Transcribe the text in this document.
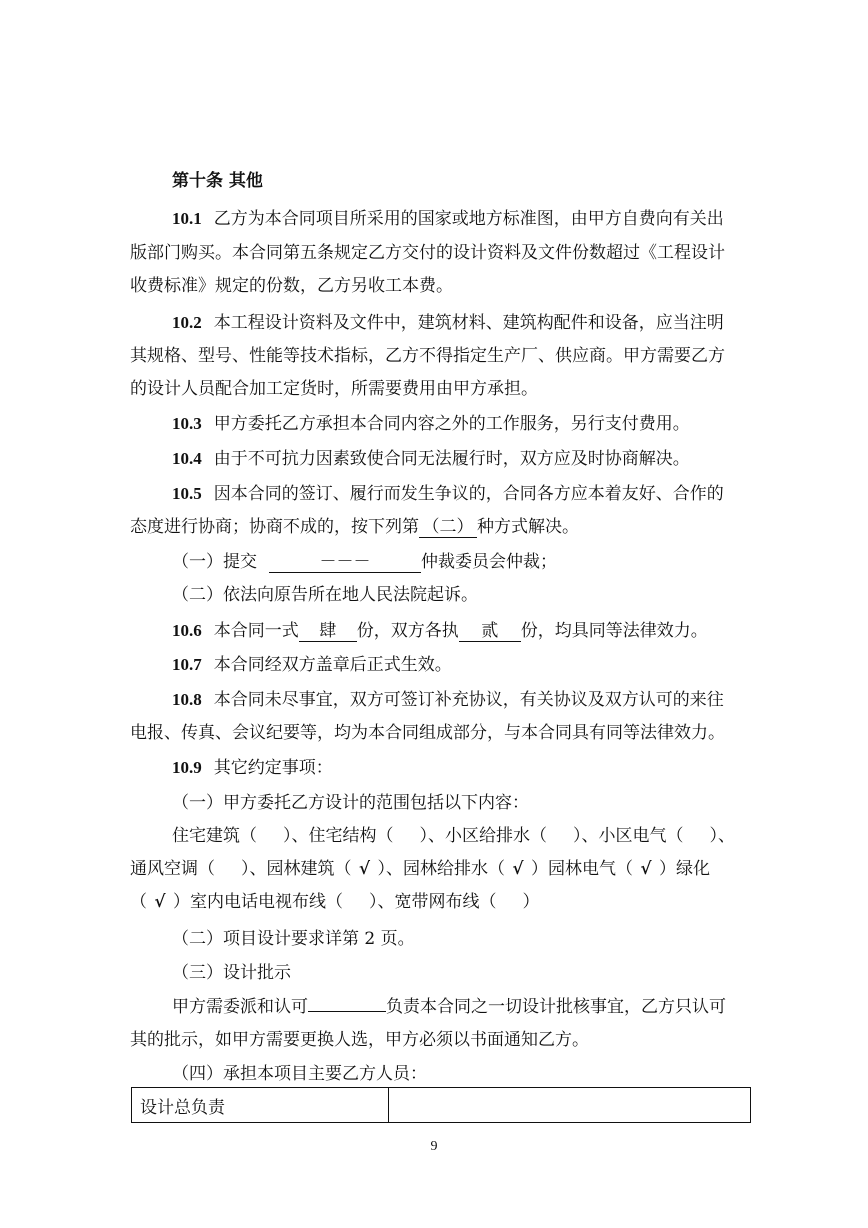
第十条 其他
10.1 乙方为本合同项目所采用的国家或地方标准图，由甲方自费向有关出
版部门购买。本合同第五条规定乙方交付的设计资料及文件份数超过《工程设计
收费标准》规定的份数，乙方另收工本费。
10.2 本工程设计资料及文件中，建筑材料、建筑构配件和设备，应当注明
其规格、型号、性能等技术指标，乙方不得指定生产厂、供应商。甲方需要乙方
的设计人员配合加工定货时，所需要费用由甲方承担。
10.3 甲方委托乙方承担本合同内容之外的工作服务，另行支付费用。
10.4 由于不可抗力因素致使合同无法履行时，双方应及时协商解决。
10.5 因本合同的签订、履行而发生争议的，合同各方应本着友好、合作的
态度进行协商；协商不成的，按下列第 （二） 种方式解决。
（一）提交	－－－	仲裁委员会仲裁；
（二）依法向原告所在地人民法院起诉。
10.6 本合同一式 肆 份，双方各执 贰 份，均具同等法律效力。
10.7 本合同经双方盖章后正式生效。
10.8 本合同未尽事宜，双方可签订补充协议，有关协议及双方认可的来往
电报、传真、会议纪要等，均为本合同组成部分，与本合同具有同等法律效力。
10.9 其它约定事项：
（一）甲方委托乙方设计的范围包括以下内容：
住宅建筑（ ）、住宅结构（ ）、小区给排水（ ）、小区电气（ ）、
通风空调（ ）、园林建筑（ √ ）、园林给排水（ √ ）园林电气（ √ ）绿化
（ √ ）室内电话电视布线（ ）、宽带网布线（ ）
（二）项目设计要求详第 2 页。
（三）设计批示
甲方需委派和认可	负责本合同之一切设计批核事宜，乙方只认可
其的批示，如甲方需要更换人选，甲方必须以书面通知乙方。
（四）承担本项目主要乙方人员：
设计总负责	
9
